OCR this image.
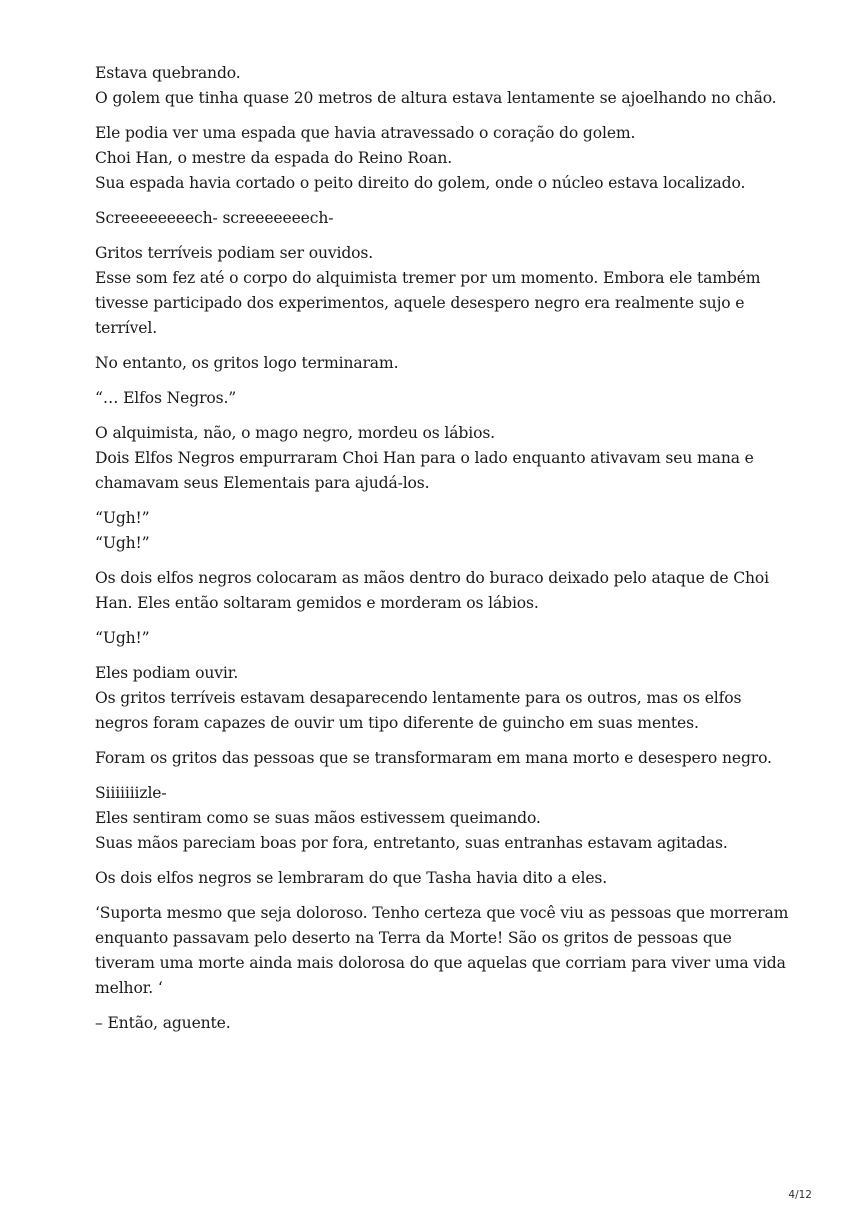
Estava quebrando.
O golem que tinha quase 20 metros de altura estava lentamente se ajoelhando no chão.

Ele podia ver uma espada que havia atravessado o coração do golem.
Choi Han, o mestre da espada do Reino Roan.
Sua espada havia cortado o peito direito do golem, onde o núcleo estava localizado.

Screeeeeeeech- screeeeeeech-

Gritos terríveis podiam ser ouvidos.
Esse som fez até o corpo do alquimista tremer por um momento. Embora ele também
tivesse participado dos experimentos, aquele desespero negro era realmente sujo e
terrível.

No entanto, os gritos logo terminaram.

“… Elfos Negros.”

O alquimista, não, o mago negro, mordeu os lábios.
Dois Elfos Negros empurraram Choi Han para o lado enquanto ativavam seu mana e
chamavam seus Elementais para ajudá-los.

“Ugh!”
“Ugh!”

Os dois elfos negros colocaram as mãos dentro do buraco deixado pelo ataque de Choi
Han. Eles então soltaram gemidos e morderam os lábios.

“Ugh!”

Eles podiam ouvir.
Os gritos terríveis estavam desaparecendo lentamente para os outros, mas os elfos
negros foram capazes de ouvir um tipo diferente de guincho em suas mentes.

Foram os gritos das pessoas que se transformaram em mana morto e desespero negro.

Siiiiiiizle-
Eles sentiram como se suas mãos estivessem queimando.
Suas mãos pareciam boas por fora, entretanto, suas entranhas estavam agitadas.

Os dois elfos negros se lembraram do que Tasha havia dito a eles.

‘Suporta mesmo que seja doloroso. Tenho certeza que você viu as pessoas que morreram
enquanto passavam pelo deserto na Terra da Morte! São os gritos de pessoas que
tiveram uma morte ainda mais dolorosa do que aquelas que corriam para viver uma vida
melhor. ‘

– Então, aguente.

4/12
